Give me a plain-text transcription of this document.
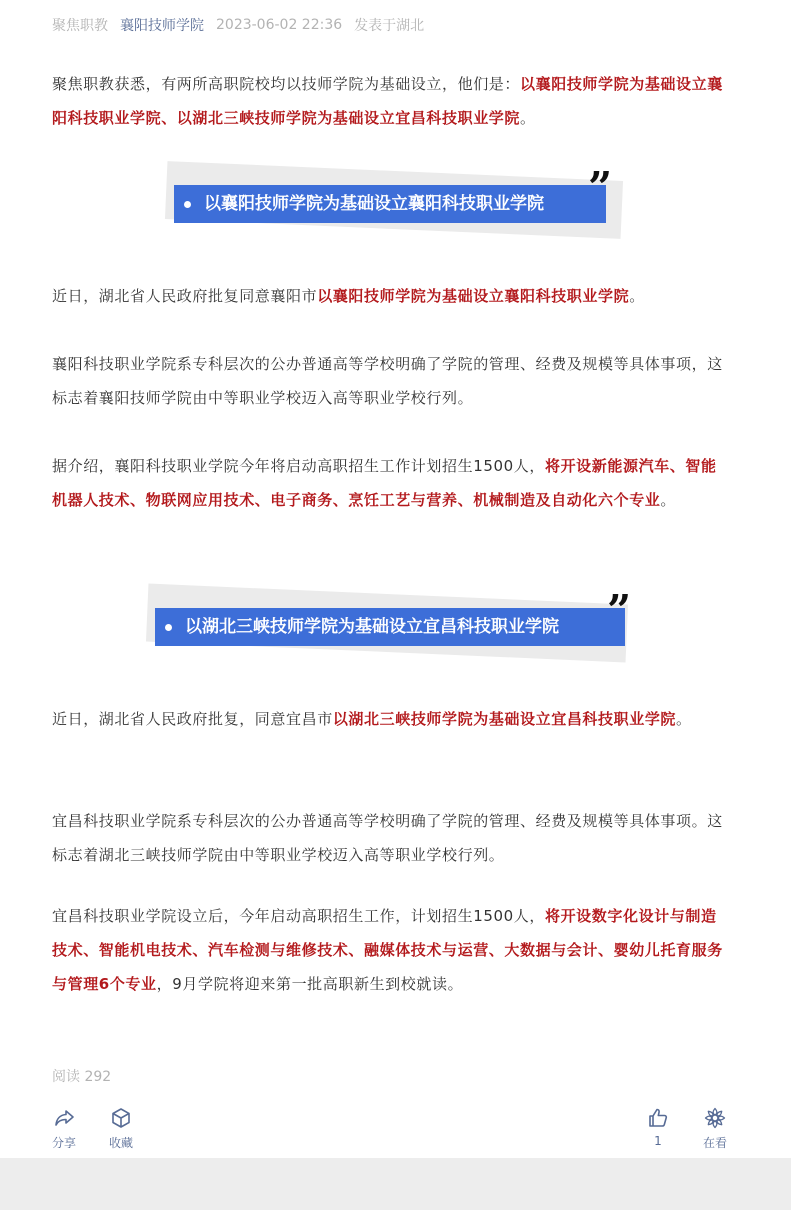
聚焦职教 襄阳技师学院 2023-06-02 22:36 发表于湖北
聚焦职教获悉，有两所高职院校均以技师学院为基础设立，他们是：以襄阳技师学院为基础设立襄阳科技职业学院、以湖北三峡技师学院为基础设立宜昌科技职业学院。
以襄阳技师学院为基础设立襄阳科技职业学院	”
近日，湖北省人民政府批复同意襄阳市以襄阳技师学院为基础设立襄阳科技职业学院。
襄阳科技职业学院系专科层次的公办普通高等学校明确了学院的管理、经费及规模等具体事项，这标志着襄阳技师学院由中等职业学校迈入高等职业学校行列。
据介绍，襄阳科技职业学院今年将启动高职招生工作计划招生1500人，将开设新能源汽车、智能机器人技术、物联网应用技术、电子商务、烹饪工艺与营养、机械制造及自动化六个专业。
以湖北三峡技师学院为基础设立宜昌科技职业学院	”
近日，湖北省人民政府批复，同意宜昌市以湖北三峡技师学院为基础设立宜昌科技职业学院。
宜昌科技职业学院系专科层次的公办普通高等学校明确了学院的管理、经费及规模等具体事项。这标志着湖北三峡技师学院由中等职业学校迈入高等职业学校行列。
宜昌科技职业学院设立后，今年启动高职招生工作，计划招生1500人，将开设数字化设计与制造技术、智能机电技术、汽车检测与维修技术、融媒体技术与运营、大数据与会计、婴幼儿托育服务与管理6个专业，9月学院将迎来第一批高职新生到校就读。
阅读 292
分享	收藏	1	在看
